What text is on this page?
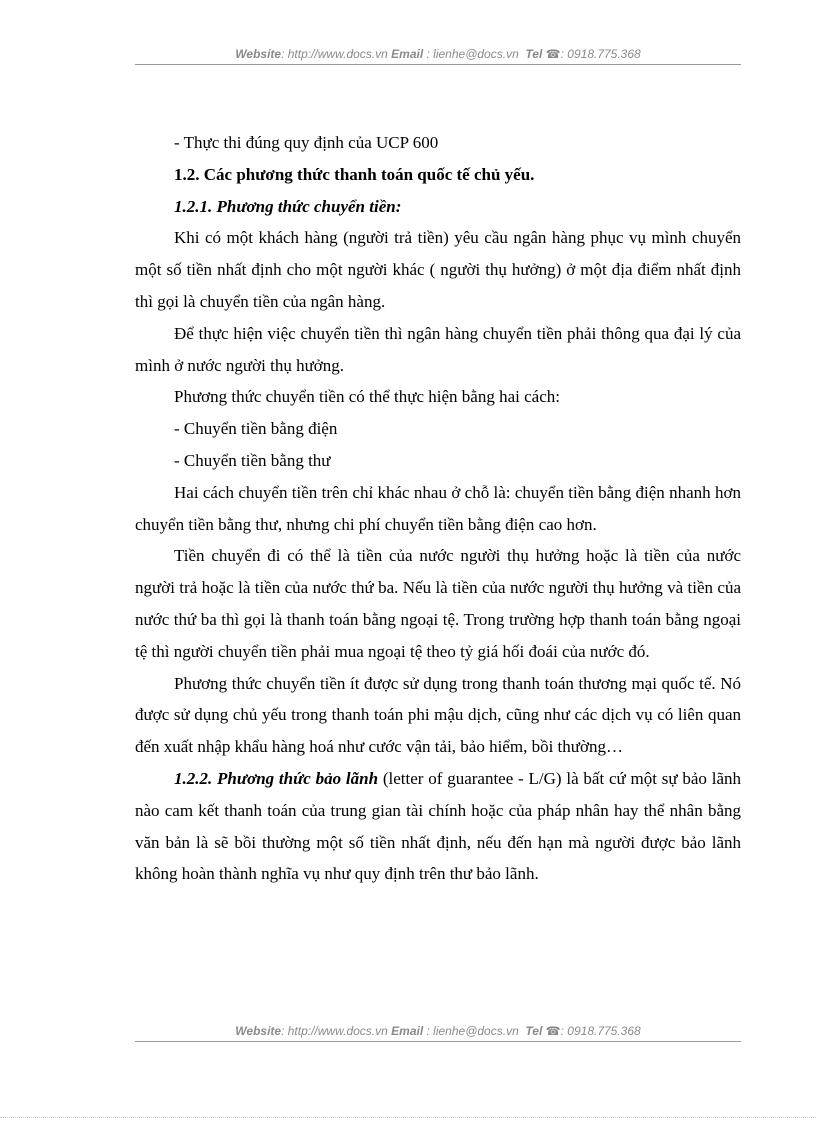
Website: http://www.docs.vn Email : lienhe@docs.vn Tel ☎: 0918.775.368

- Thực thi đúng quy định của UCP 600

1.2. Các phương thức thanh toán quốc tế chủ yếu.

1.2.1. Phương thức chuyển tiền:

Khi có một khách hàng (người trả tiền) yêu cầu ngân hàng phục vụ mình chuyển một số tiền nhất định cho một người khác ( người thụ hưởng) ở một địa điểm nhất định thì gọi là chuyển tiền của ngân hàng.

Để thực hiện việc chuyển tiền thì ngân hàng chuyển tiền phải thông qua đại lý của mình ở nước người thụ hưởng.

Phương thức chuyển tiền có thể thực hiện bằng hai cách:

- Chuyển tiền bằng điện

- Chuyển tiền bằng thư

Hai cách chuyển tiền trên chỉ khác nhau ở chỗ là: chuyển tiền bằng điện nhanh hơn chuyển tiền bằng thư, nhưng chi phí chuyển tiền bằng điện cao hơn.

Tiền chuyển đi có thể là tiền của nước người thụ hưởng hoặc là tiền của nước người trả hoặc là tiền của nước thứ ba. Nếu là tiền của nước người thụ hưởng và tiền của nước thứ ba thì gọi là thanh toán bằng ngoại tệ. Trong trường hợp thanh toán bằng ngoại tệ thì người chuyển tiền phải mua ngoại tệ theo tỷ giá hối đoái của nước đó.

Phương thức chuyển tiền ít được sử dụng trong thanh toán thương mại quốc tế. Nó được sử dụng chủ yếu trong thanh toán phi mậu dịch, cũng như các dịch vụ có liên quan đến xuất nhập khẩu hàng hoá như cước vận tải, bảo hiểm, bồi thường…

1.2.2. Phương thức bảo lãnh (letter of guarantee - L/G) là bất cứ một sự bảo lãnh nào cam kết thanh toán của trung gian tài chính hoặc của pháp nhân hay thể nhân bằng văn bản là sẽ bồi thường một số tiền nhất định, nếu đến hạn mà người được bảo lãnh không hoàn thành nghĩa vụ như quy định trên thư bảo lãnh.

Website: http://www.docs.vn Email : lienhe@docs.vn Tel ☎: 0918.775.368
